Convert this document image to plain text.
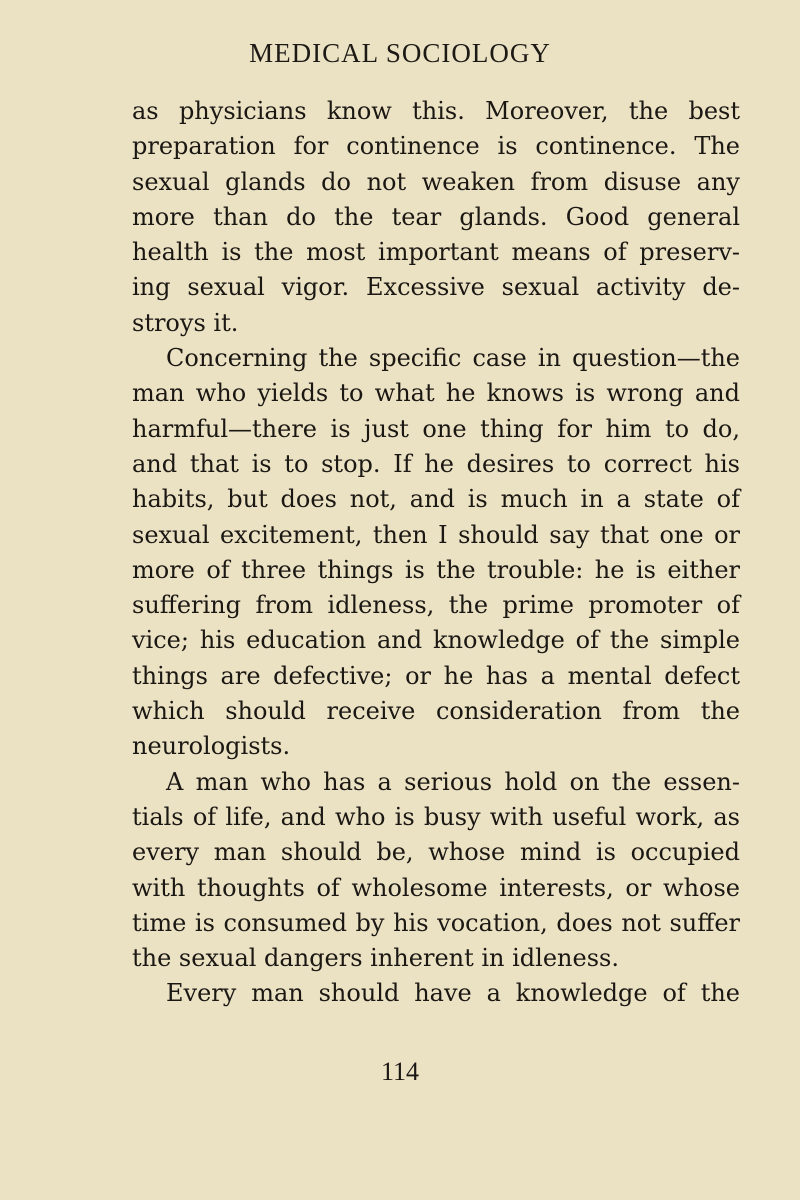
MEDICAL SOCIOLOGY

as physicians know this. Moreover, the best preparation for continence is continence. The sexual glands do not weaken from disuse any more than do the tear glands. Good general health is the most important means of preserv-ing sexual vigor. Excessive sexual activity de-stroys it.

Concerning the specific case in question—the man who yields to what he knows is wrong and harmful—there is just one thing for him to do, and that is to stop. If he desires to correct his habits, but does not, and is much in a state of sexual excitement, then I should say that one or more of three things is the trouble: he is either suffering from idleness, the prime promoter of vice; his education and knowledge of the simple things are defective; or he has a mental defect which should receive consideration from the neurologists.

A man who has a serious hold on the essen-tials of life, and who is busy with useful work, as every man should be, whose mind is occupied with thoughts of wholesome interests, or whose time is consumed by his vocation, does not suffer the sexual dangers inherent in idleness.

Every man should have a knowledge of the

114
